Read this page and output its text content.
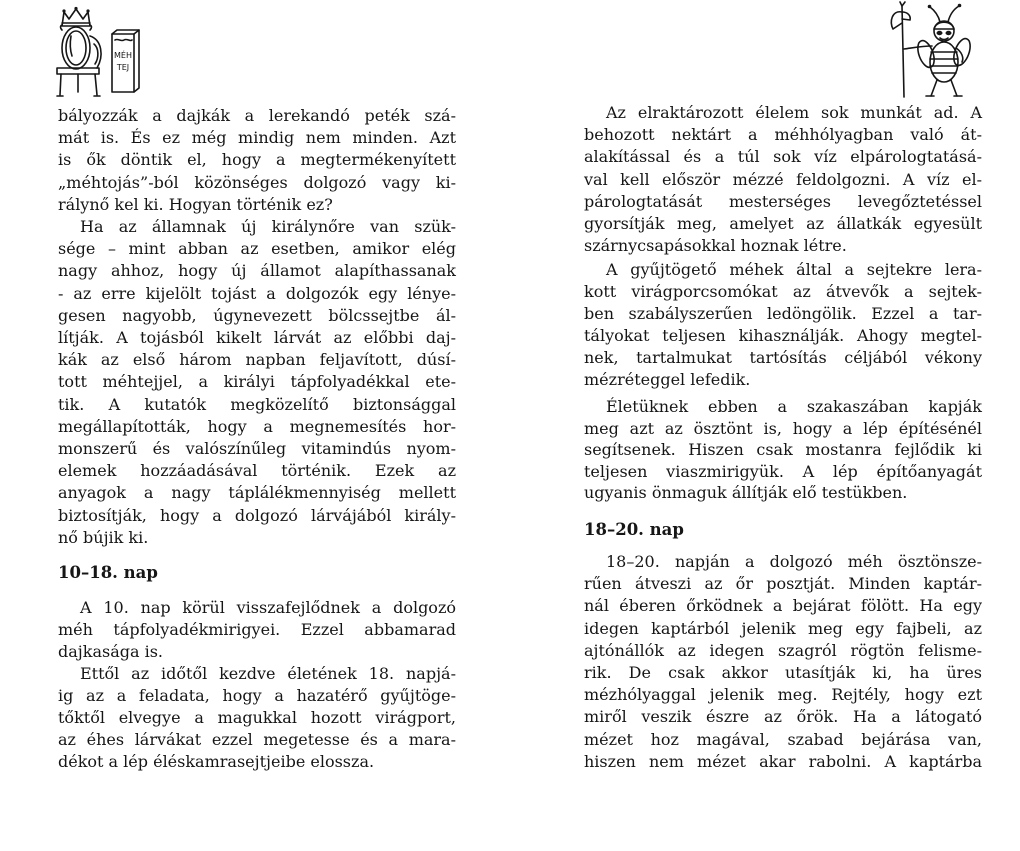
MÉH
TEJ
bályozzák a dajkák a lerekandó peték szá-
mát is. És ez még mindig nem minden. Azt
is ők döntik el, hogy a megtermékenyített
„méhtojás”-ból közönséges dolgozó vagy ki-
rálynő kel ki. Hogyan történik ez?
Ha az államnak új királynőre van szük-
sége – mint abban az esetben, amikor elég
nagy ahhoz, hogy új államot alapíthassanak
- az erre kijelölt tojást a dolgozók egy lénye-
gesen nagyobb, úgynevezett bölcssejtbe ál-
lítják. A tojásból kikelt lárvát az előbbi daj-
kák az első három napban feljavított, dúsí-
tott méhtejjel, a királyi tápfolyadékkal ete-
tik. A kutatók megközelítő biztonsággal
megállapították, hogy a megnemesítés hor-
monszerű és valószínűleg vitamindús nyom-
elemek hozzáadásával történik. Ezek az
anyagok a nagy táplálékmennyiség mellett
biztosítják, hogy a dolgozó lárvájából király-
nő bújik ki.
10–18. nap
A 10. nap körül visszafejlődnek a dolgozó
méh tápfolyadékmirigyei. Ezzel abbamarad
dajkasága is.
Ettől az időtől kezdve életének 18. napjá-
ig az a feladata, hogy a hazatérő gyűjtöge-
tőktől elvegye a magukkal hozott virágport,
az éhes lárvákat ezzel megetesse és a mara-
dékot a lép éléskamrasejtjeibe elossza.
Az elraktározott élelem sok munkát ad. A
behozott nektárt a méhhólyagban való át-
alakítással és a túl sok víz elpárologtatásá-
val kell először mézzé feldolgozni. A víz el-
párologtatását mesterséges levegőztetéssel
gyorsítják meg, amelyet az állatkák egyesült
szárnycsapásokkal hoznak létre.
A gyűjtögető méhek által a sejtekre lera-
kott virágporcsomókat az átvevők a sejtek-
ben szabályszerűen ledöngölik. Ezzel a tar-
tályokat teljesen kihasználják. Ahogy megtel-
nek, tartalmukat tartósítás céljából vékony
mézréteggel lefedik.
Életüknek ebben a szakaszában kapják
meg azt az ösztönt is, hogy a lép építésénél
segítsenek. Hiszen csak mostanra fejlődik ki
teljesen viaszmirigyük. A lép építőanyagát
ugyanis önmaguk állítják elő testükben.
18–20. nap
18–20. napján a dolgozó méh ösztönsze-
rűen átveszi az őr posztját. Minden kaptár-
nál éberen őrködnek a bejárat fölött. Ha egy
idegen kaptárból jelenik meg egy fajbeli, az
ajtónállók az idegen szagról rögtön felisme-
rik. De csak akkor utasítják ki, ha üres
mézhólyaggal jelenik meg. Rejtély, hogy ezt
miről veszik észre az őrök. Ha a látogató
mézet hoz magával, szabad bejárása van,
hiszen nem mézet akar rabolni. A kaptárba
